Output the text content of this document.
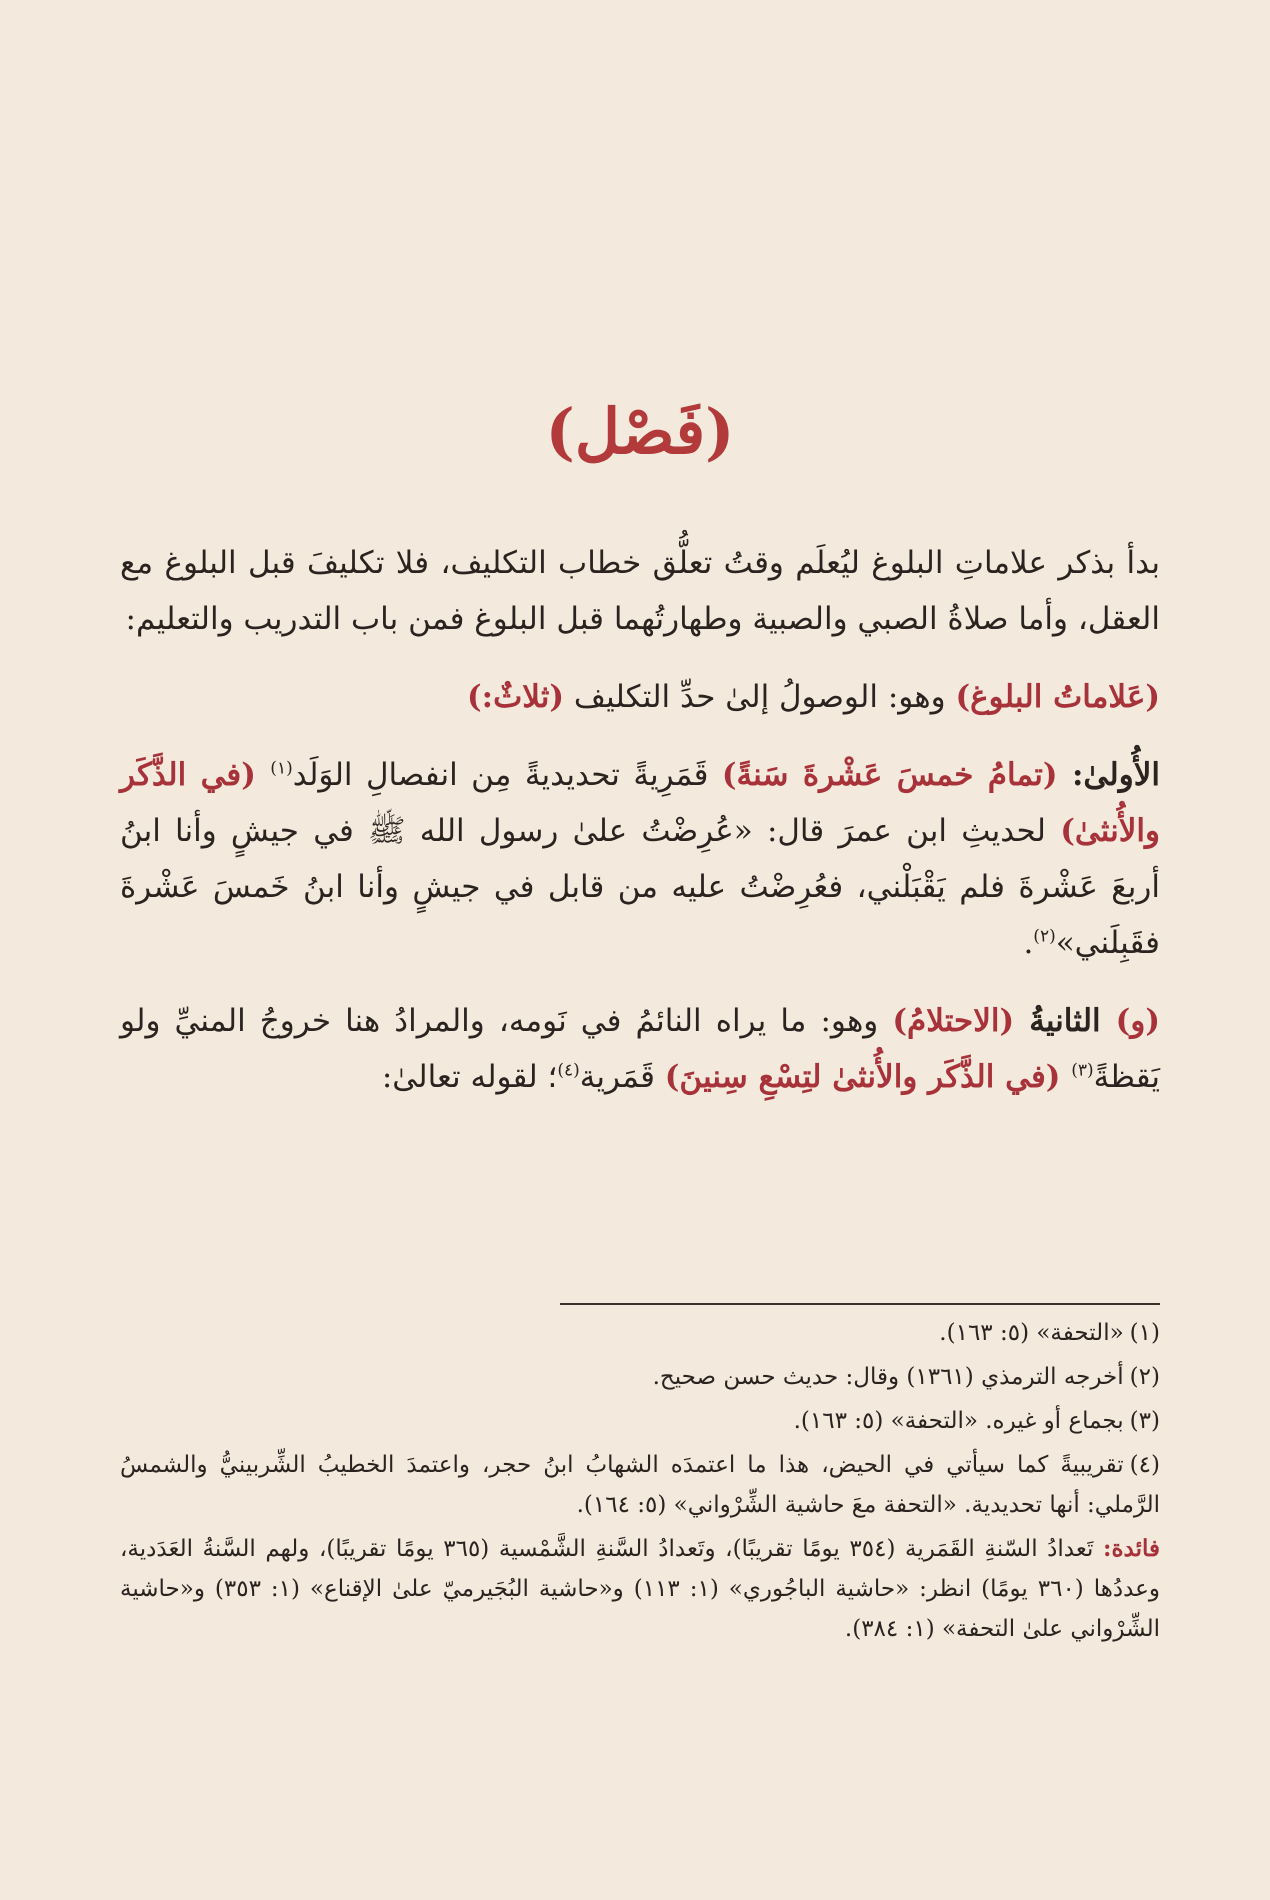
(فَصْل)

بدأ بذكر علاماتِ البلوغ ليُعلَم وقتُ تعلُّق خطاب التكليف، فلا تكليفَ قبل البلوغ مع العقل، وأما صلاةُ الصبي والصبية وطهارتُهما قبل البلوغ فمن باب التدريب والتعليم:

(عَلاماتُ البلوغ) وهو: الوصولُ إلىٰ حدِّ التكليف (ثلاثٌ:)

الأُولىٰ: (تمامُ خمسَ عَشْرةَ سَنةً) قَمَرِيةً تحديديةً مِن انفصالِ الوَلَد$^{(١)}$ (في الذَّكَر والأُنثىٰ) لحديثِ ابن عمرَ قال: «عُرِضْتُ علىٰ رسول الله ﷺ في جيشٍ وأنا ابنُ أربعَ عَشْرةَ فلم يَقْبَلْني، فعُرِضْتُ عليه من قابل في جيشٍ وأنا ابنُ خَمسَ عَشْرةَ فقَبِلَني»$^{(٢)}$.

(و) الثانيةُ (الاحتلامُ) وهو: ما يراه النائمُ في نَومه، والمرادُ هنا خروجُ المنيِّ ولو يَقظةً$^{(٣)}$ (في الذَّكَر والأُنثىٰ لتِسْعِ سِنينَ) قَمَرية$^{(٤)}$؛ لقوله تعالىٰ:

(١)«التحفة» (٥: ١٦٣).
(٢)أخرجه الترمذي (١٣٦١) وقال: حديث حسن صحيح.
(٣)بجماع أو غيره. «التحفة» (٥: ١٦٣).
(٤)تقريبيةً كما سيأتي في الحيض، هذا ما اعتمدَه الشهابُ ابنُ حجر، واعتمدَ الخطيبُ الشِّربينيُّ والشمسُ الرَّملي: أنها تحديدية. «التحفة معَ حاشية الشِّرْواني» (٥: ١٦٤).
فائدة: تَعدادُ السّنةِ القَمَرية (٣٥٤ يومًا تقريبًا)، وتَعدادُ السَّنةِ الشَّمْسية (٣٦٥ يومًا تقريبًا)، ولهم السَّنةُ العَدَدية، وعددُها (٣٦٠ يومًا) انظر: «حاشية الباجُوري» (١: ١١٣) و«حاشية البُجَيرميّ علىٰ الإقناع» (١: ٣٥٣) و«حاشية الشِّرْواني علىٰ التحفة» (١: ٣٨٤).
